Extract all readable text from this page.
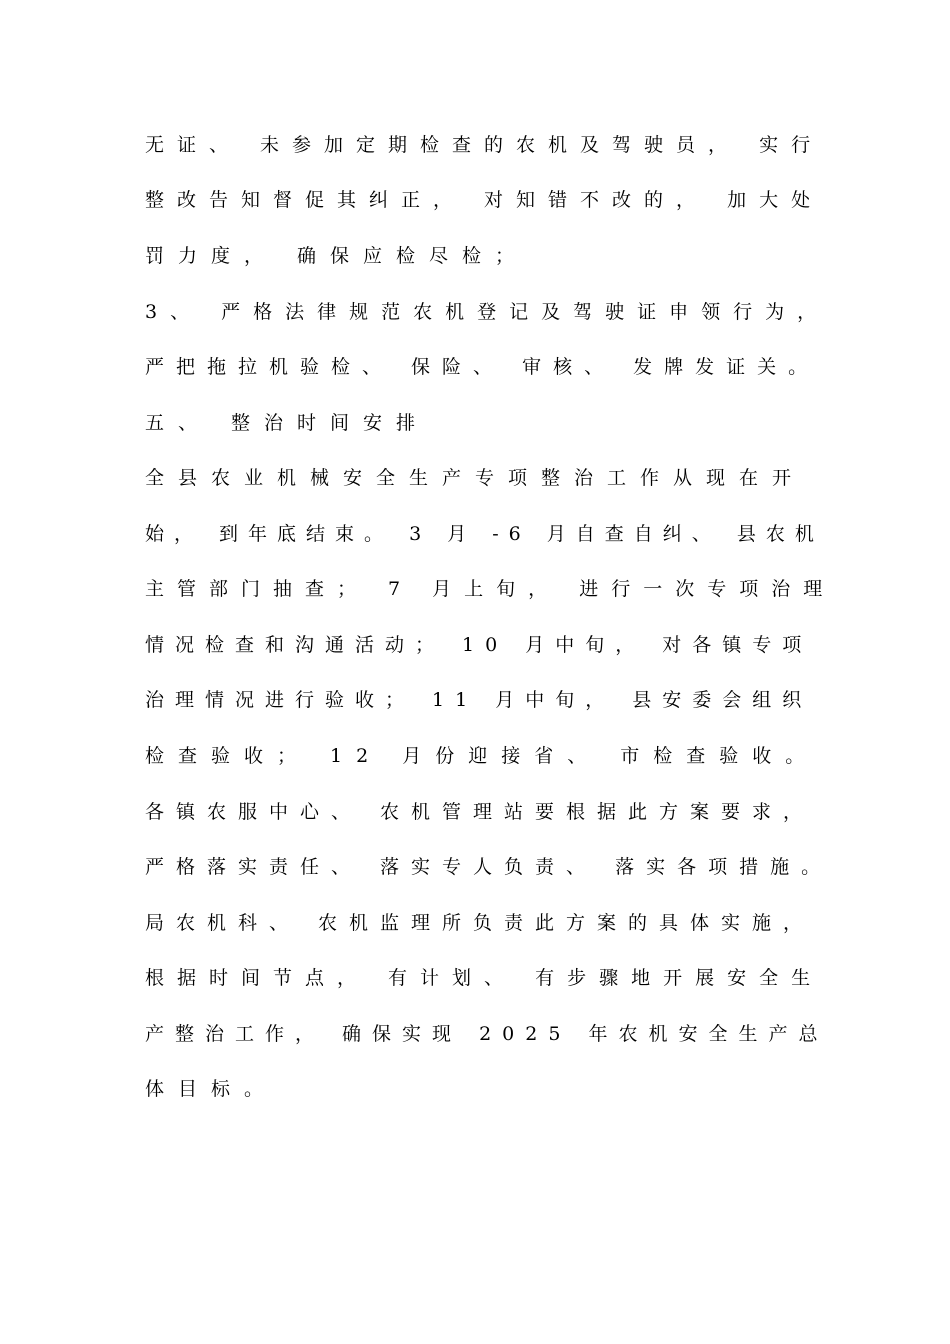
无证、 未参加定期检查的农机及驾驶员， 实行
整改告知督促其纠正， 对知错不改的， 加大处
罚力度， 确保应检尽检；
3、 严格法律规范农机登记及驾驶证申领行为，
严把拖拉机验检、 保险、 审核、 发牌发证关。
五、 整治时间安排
全县农业机械安全生产专项整治工作从现在开
始， 到年底结束。 3 月 -6 月自查自纠、 县农机
主管部门抽查； 7 月上旬， 进行一次专项治理
情况检查和沟通活动； 10 月中旬， 对各镇专项
治理情况进行验收； 11 月中旬， 县安委会组织
检查验收； 12 月份迎接省、 市检查验收。
各镇农服中心、 农机管理站要根据此方案要求，
严格落实责任、 落实专人负责、 落实各项措施。
局农机科、 农机监理所负责此方案的具体实施，
根据时间节点， 有计划、 有步骤地开展安全生
产整治工作， 确保实现 2025 年农机安全生产总
体目标。
